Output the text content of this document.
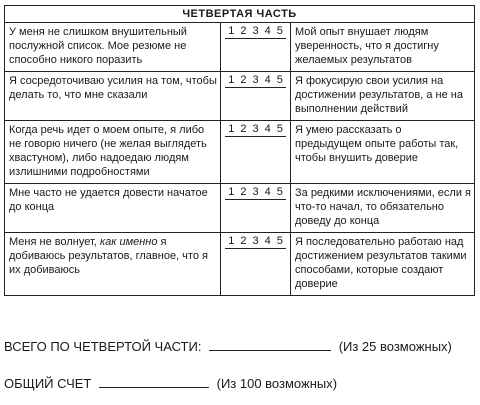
ЧЕТВЕРТАЯ ЧАСТЬ		
У меня не слишком внушительный послужной список. Мое резюме не способно никого поразить	1 2 3 4 5	Мой опыт внушает людям уверенность, что я достигну желаемых результатов
Я сосредоточиваю усилия на том, чтобы делать то, что мне сказали	1 2 3 4 5	Я фокусирую свои усилия на достижении результатов, а не на выполнении действий
Когда речь идет о моем опыте, я либо не говорю ничего (не желая выглядеть хвастуном), либо надоедаю людям излишними подробностями	1 2 3 4 5	Я умею рассказать о предыдущем опыте работы так, чтобы внушить доверие
Мне часто не удается довести начатое до конца	1 2 3 4 5	За редкими исключениями, если я что-то начал, то обязательно доведу до конца
Меня не волнует, как именно я добиваюсь результатов, главное, что я их добиваюсь	1 2 3 4 5	Я последовательно работаю над достижением результатов такими способами, которые создают доверие
ВСЕГО ПО ЧЕТВЕРТОЙ ЧАСТИ:	(Из 25 возможных)
ОБЩИЙ СЧЕТ	(Из 100 возможных)
